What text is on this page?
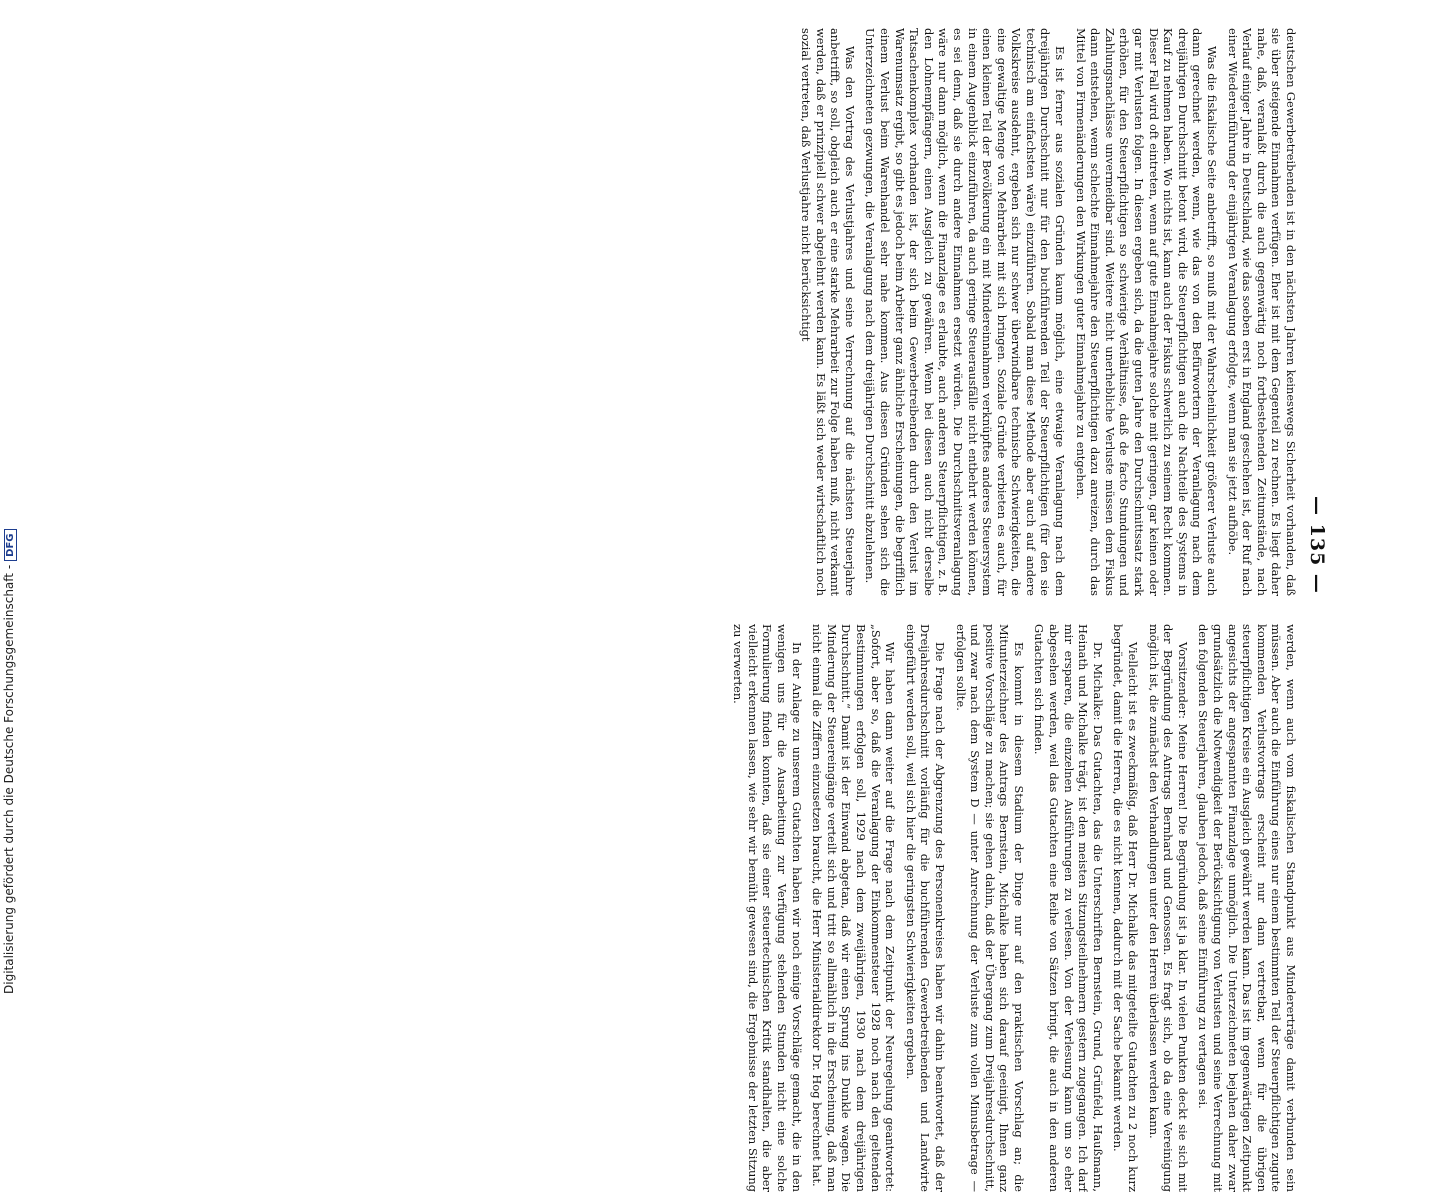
Digitalisierung gefördert durch die Deutsche Forschungsgemeinschaft -DFG	— 135 —

deutschen Gewerbetreibenden ist in den nächsten Jahren keineswegs Sicherheit vorhanden, daß sie über steigende Einnahmen verfügen. Eher ist mit dem Gegenteil zu rechnen. Es liegt daher nahe, daß, veranlaßt durch die auch gegenwärtig noch fortbestehenden Zeitumstände, nach Verlauf einiger Jahre in Deutschland, wie das soeben erst in England geschehen ist, der Ruf nach einer Wiedereinführung der einjährigen Veranlagung erfolgte, wenn man sie jetzt aufhöbe.

Was die fiskalische Seite anbetrifft, so muß mit der Wahrscheinlichkeit größerer Verluste auch dann gerechnet werden, wenn, wie das von den Befürwortern der Veranlagung nach dem dreijährigen Durchschnitt betont wird, die Steuerpflichtigen auch die Nachteile des Systems in Kauf zu nehmen haben. Wo nichts ist, kann auch der Fiskus schwerlich zu seinem Recht kommen. Dieser Fall wird oft eintreten, wenn auf gute Einnahmejahre solche mit geringen, gar keinen oder gar mit Verlusten folgen. In diesen ergeben sich, da die guten Jahre den Durchschnittssatz stark erhöhen, für den Steuerpflichtigen so schwierige Verhältnisse, daß de facto Stundungen und Zahlungsnachlässe unvermeidbar sind. Weitere nicht unerhebliche Verluste müssen dem Fiskus dann entstehen, wenn schlechte Einnahmejahre den Steuerpflichtigen dazu anreizen, durch das Mittel von Firmenänderungen den Wirkungen guter Einnahmejahre zu entgehen.

Es ist ferner aus sozialen Gründen kaum möglich, eine etwaige Veranlagung nach dem dreijährigen Durchschnitt nur für den buchführenden Teil der Steuerpflichtigen (für den sie technisch am einfachsten wäre) einzuführen. Sobald man diese Methode aber auch auf andere Volkskreise ausdehnt, ergeben sich nur schwer überwindbare technische Schwierigkeiten, die eine gewaltige Menge von Mehrarbeit mit sich bringen. Soziale Gründe verbieten es auch, für einen kleinen Teil der Bevölkerung ein mit Mindereinnahmen verknüpftes anderes Steuersystem in einem Augenblick einzuführen, da auch geringe Steuerausfälle nicht entbehrt werden können, es sei denn, daß sie durch andere Einnahmen ersetzt würden. Die Durchschnittsveranlagung wäre nur dann möglich, wenn die Finanzlage es erlaubte, auch anderen Steuerpflichtigen, z. B. den Lohnempfängern, einen Ausgleich zu gewähren. Wenn bei diesen auch nicht derselbe Tatsachenkomplex vorhanden ist, der sich beim Gewerbetreibenden durch den Verlust im Warenumsatz ergibt, so gibt es jedoch beim Arbeiter ganz ähnliche Erscheinungen, die begrifflich einem Verlust beim Warenhandel sehr nahe kommen. Aus diesen Gründen sehen sich die Unterzeichneten gezwungen, die Veranlagung nach dem dreijährigen Durchschnitt abzulehnen.

Was den Vortrag des Verlustjahres und seine Verrechnung auf die nächsten Steuerjahre anbetrifft, so soll, obgleich auch er eine starke Mehrarbeit zur Folge haben muß, nicht verkannt werden, daß er prinzipiell schwer abgelehnt werden kann. Es läßt sich weder wirtschaftlich noch sozial vertreten, daß Verlustjahre nicht berücksichtigt

werden, wenn auch vom fiskalischen Standpunkt aus Mindererträge damit verbunden sein müssen. Aber auch die Einführung eines nur einem bestimmten Teil der Steuerpflichtigen zugute kommenden Verlustvortrags erscheint nur dann vertretbar, wenn für die übrigen steuerpflichtigen Kreise ein Ausgleich gewährt werden kann. Das ist im gegenwärtigen Zeitpunkt angesichts der angespannten Finanzlage unmöglich. Die Unterzeichneten bejahen daher zwar grundsätzlich die Notwendigkeit der Berücksichtigung von Verlusten und seine Verrechnung mit den folgenden Steuerjahren, glauben jedoch, daß seine Einführung zu vertagen sei.

Vorsitzender: Meine Herren! Die Begründung ist ja klar. In vielen Punkten deckt sie sich mit der Begründung des Antrags Bernhard und Genossen. Es fragt sich, ob da eine Vereinigung möglich ist, die zunächst den Verhandlungen unter den Herren überlassen werden kann.

Vielleicht ist es zweckmäßig, daß Herr Dr. Michalke das mitgeteilte Gutachten zu 2 noch kurz begründet, damit die Herren, die es nicht kennen, dadurch mit der Sache bekannt werden.

Dr. Michalke: Das Gutachten, das die Unterschriften Bernstein, Grund, Grünfeld, Haußmann, Heinath und Michalke trägt, ist den meisten Sitzungsteilnehmern gestern zugegangen. Ich darf mir ersparen, die einzelnen Ausführungen zu verlesen. Von der Verlesung kann um so eher abgesehen werden, weil das Gutachten eine Reihe von Sätzen bringt, die auch in den anderen Gutachten sich finden.

Es kommt in diesem Stadium der Dinge nur auf den praktischen Vorschlag an; die Mitunterzeichner des Antrags Bernstein, Michalke haben sich darauf geeinigt, Ihnen ganz positive Vorschläge zu machen; sie gehen dahin, daß der Übergang zum Dreijahresdurchschnitt, und zwar nach dem System D — unter Anrechnung der Verluste zum vollen Minusbetrage — erfolgen sollte.

Die Frage nach der Abgrenzung des Personenkreises haben wir dahin beantwortet, daß der Dreijahresdurchschnitt vorläufig für die buchführenden Gewerbetreibenden und Landwirte eingeführt werden soll, weil sich hier die geringsten Schwierigkeiten ergeben.

Wir haben dann weiter auf die Frage nach dem Zeitpunkt der Neuregelung geantwortet: „Sofort, aber so, daß die Veranlagung der Einkommensteuer 1928 noch nach den geltenden Bestimmungen erfolgen soll, 1929 nach dem zweijährigen, 1930 nach dem dreijährigen Durchschnitt.“ Damit ist der Einwand abgetan, daß wir einen Sprung ins Dunkle wagen. Die Minderung der Steuereingänge verteilt sich und tritt so allmählich in die Erscheinung, daß man nicht einmal die Ziffern einzusetzen braucht, die Herr Ministerialdirektor Dr. Hog berechnet hat.

In der Anlage zu unserem Gutachten haben wir noch einige Vorschläge gemacht, die in den wenigen uns für die Ausarbeitung zur Verfügung stehenden Stunden nicht eine solche Formulierung finden konnten, daß sie einer steuertechnischen Kritik standhalten, die aber vielleicht erkennen lassen, wie sehr wir bemüht gewesen sind, die Ergebnisse der letzten Sitzung zu verwerten.
